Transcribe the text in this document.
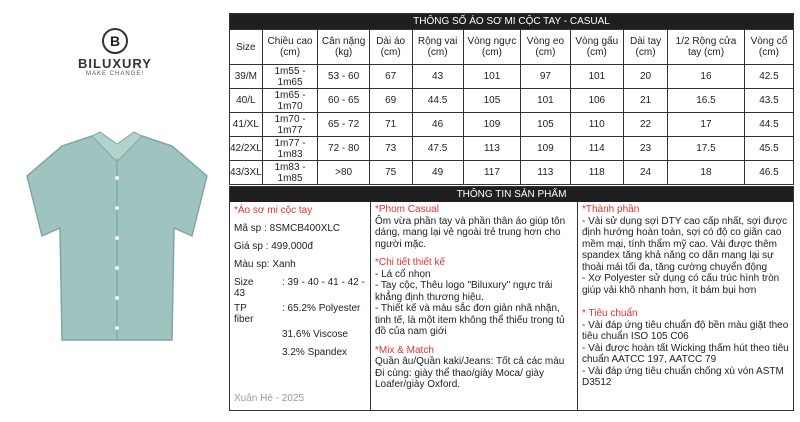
B
BILUXURY
MAKE CHANGE!
THÔNG SỐ ÁO SƠ MI CỘC TAY - CASUAL										
Size	Chiều cao (cm)	Cân nặng (kg)	Dài áo (cm)	Rộng vai (cm)	Vòng ngực (cm)	Vòng eo (cm)	Vòng gấu (cm)	Dài tay (cm)	1/2 Rộng cửa tay (cm)	Vòng cổ (cm)
39/M	1m55 - 1m65	53 - 60	67	43	101	97	101	20	16	42.5
40/L	1m65 - 1m70	60 - 65	69	44.5	105	101	106	21	16.5	43.5
41/XL	1m70 - 1m77	65 - 72	71	46	109	105	110	22	17	44.5
42/2XL	1m77 - 1m83	72 - 80	73	47.5	113	109	114	23	17.5	45.5
43/3XL	1m83 - 1m85	>80	75	49	117	113	118	24	18	46.5
THÔNG TIN SẢN PHẨM

*Áo sơ mi cộc tay

Mã sp : 8SMCB400XLC

Giá sp : 499.000đ

Màu sp: Xanh

Size	: 39 - 40 - 41 - 42 - 43

TP	: 65.2% Polyester fiber

31.6% Viscose

3.2% Spandex

Xuân Hè - 2025

*Phom Casual

Ôm vừa phần tay và phần thân áo giúp tôn dáng, mang lại vẻ ngoài trẻ trung hơn cho người mặc.

*Chi tiết thiết kế

- Lá cổ nhọn

- Tay cộc, Thêu logo "Biluxury" ngực trái khẳng định thương hiệu.

- Thiết kế và màu sắc đơn giản nhã nhặn, tinh tế, là một item không thể thiếu trong tủ đồ của nam giới

*Mix & Match

Quần âu/Quần kaki/Jeans: Tốt cả các màu

Đi cùng: giày thể thao/giày Moca/ giày Loafer/giày Oxford.

*Thành phần

- Vải sử dụng sợi DTY cao cấp nhất, sợi được định hướng hoàn toàn, sợi có độ co giãn cao mềm mại, tính thẩm mỹ cao. Vải được thêm spandex tăng khả năng co dãn mang lại sự thoải mái tối đa, tăng cường chuyển động

- Xơ Polyester sử dụng có cấu trúc hình tròn giúp vải khô nhanh hơn, ít bám bụi hơn

* Tiêu chuẩn

- Vải đáp ứng tiêu chuẩn độ bền màu giặt theo tiêu chuẩn ISO 105 C06

- Vải được hoàn tất Wicking thấm hút theo tiêu chuẩn AATCC 197, AATCC 79

- Vải đáp ứng tiêu chuẩn chống xù vón ASTM D3512
